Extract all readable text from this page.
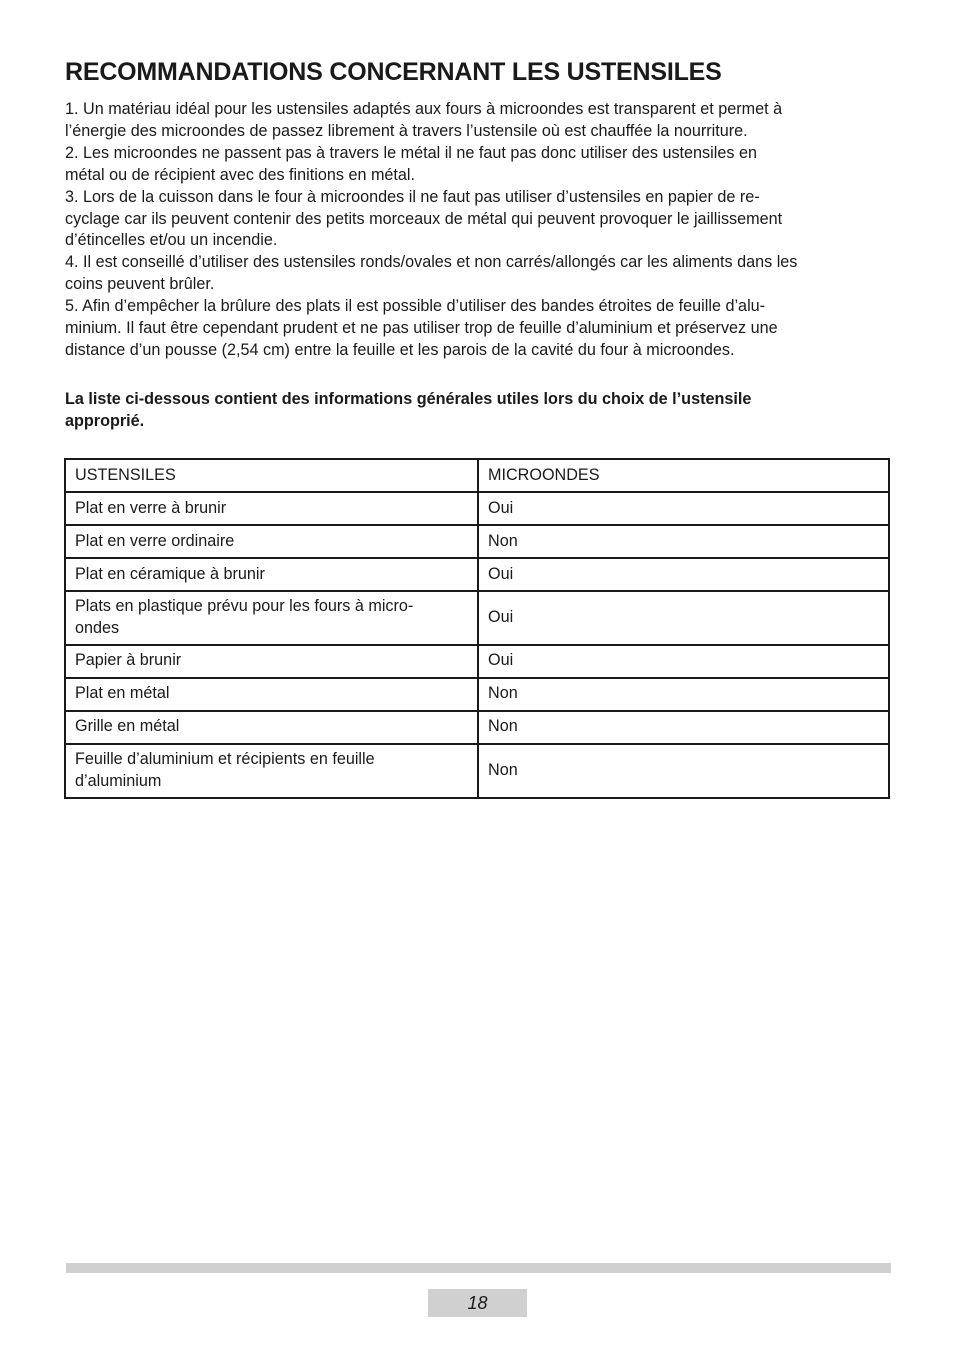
RECOMMANDATIONS CONCERNANT LES USTENSILES

1. Un matériau idéal pour les ustensiles adaptés aux fours à microondes est transparent et permet à
l’énergie des microondes de passez librement à travers l’ustensile où est chauffée la nourriture.

2. Les microondes ne passent pas à travers le métal il ne faut pas donc utiliser des ustensiles en
métal ou de récipient avec des finitions en métal.

3. Lors de la cuisson dans le four à microondes il ne faut pas utiliser d’ustensiles en papier de re-
cyclage car ils peuvent contenir des petits morceaux de métal qui peuvent provoquer le jaillissement
d’étincelles et/ou un incendie.

4. Il est conseillé d’utiliser des ustensiles ronds/ovales et non carrés/allongés car les aliments dans les
coins peuvent brûler.

5. Afin d’empêcher la brûlure des plats il est possible d’utiliser des bandes étroites de feuille d’alu-
minium. Il faut être cependant prudent et ne pas utiliser trop de feuille d’aluminium et préservez une
distance d’un pousse (2,54 cm) entre la feuille et les parois de la cavité du four à microondes.

La liste ci-dessous contient des informations générales utiles lors du choix de l’ustensile
approprié.

USTENSILES	MICROONDES
Plat en verre à brunir	Oui
Plat en verre ordinaire	Non
Plat en céramique à brunir	Oui
Plats en plastique prévu pour les fours à micro-
ondes	Oui
Papier à brunir	Oui
Plat en métal	Non
Grille en métal	Non
Feuille d’aluminium et récipients en feuille
d’aluminium	Non
18
